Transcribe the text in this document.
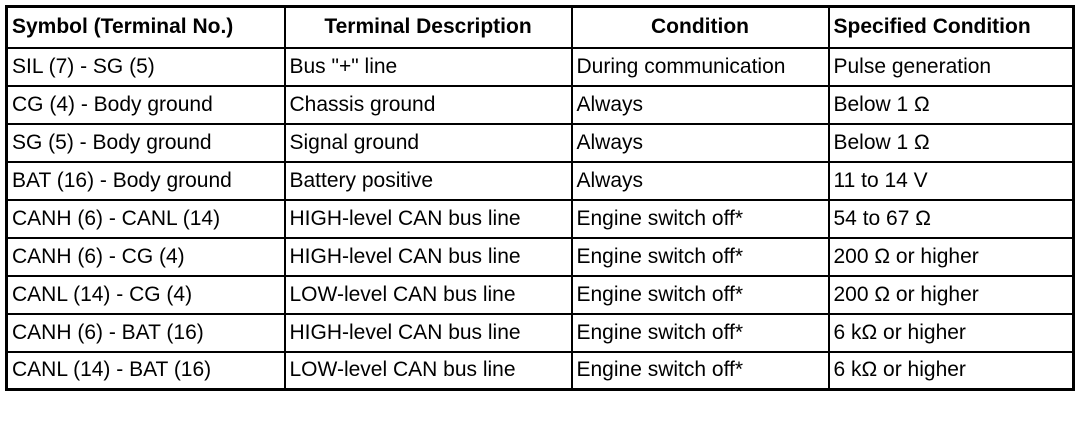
Symbol (Terminal No.)	Terminal Description	Condition	Specified Condition
SIL (7) - SG (5)	Bus "+" line	During communication	Pulse generation
CG (4) - Body ground	Chassis ground	Always	Below 1 Ω
SG (5) - Body ground	Signal ground	Always	Below 1 Ω
BAT (16) - Body ground	Battery positive	Always	11 to 14 V
CANH (6) - CANL (14)	HIGH-level CAN bus line	Engine switch off*	54 to 67 Ω
CANH (6) - CG (4)	HIGH-level CAN bus line	Engine switch off*	200 Ω or higher
CANL (14) - CG (4)	LOW-level CAN bus line	Engine switch off*	200 Ω or higher
CANH (6) - BAT (16)	HIGH-level CAN bus line	Engine switch off*	6 kΩ or higher
CANL (14) - BAT (16)	LOW-level CAN bus line	Engine switch off*	6 kΩ or higher
